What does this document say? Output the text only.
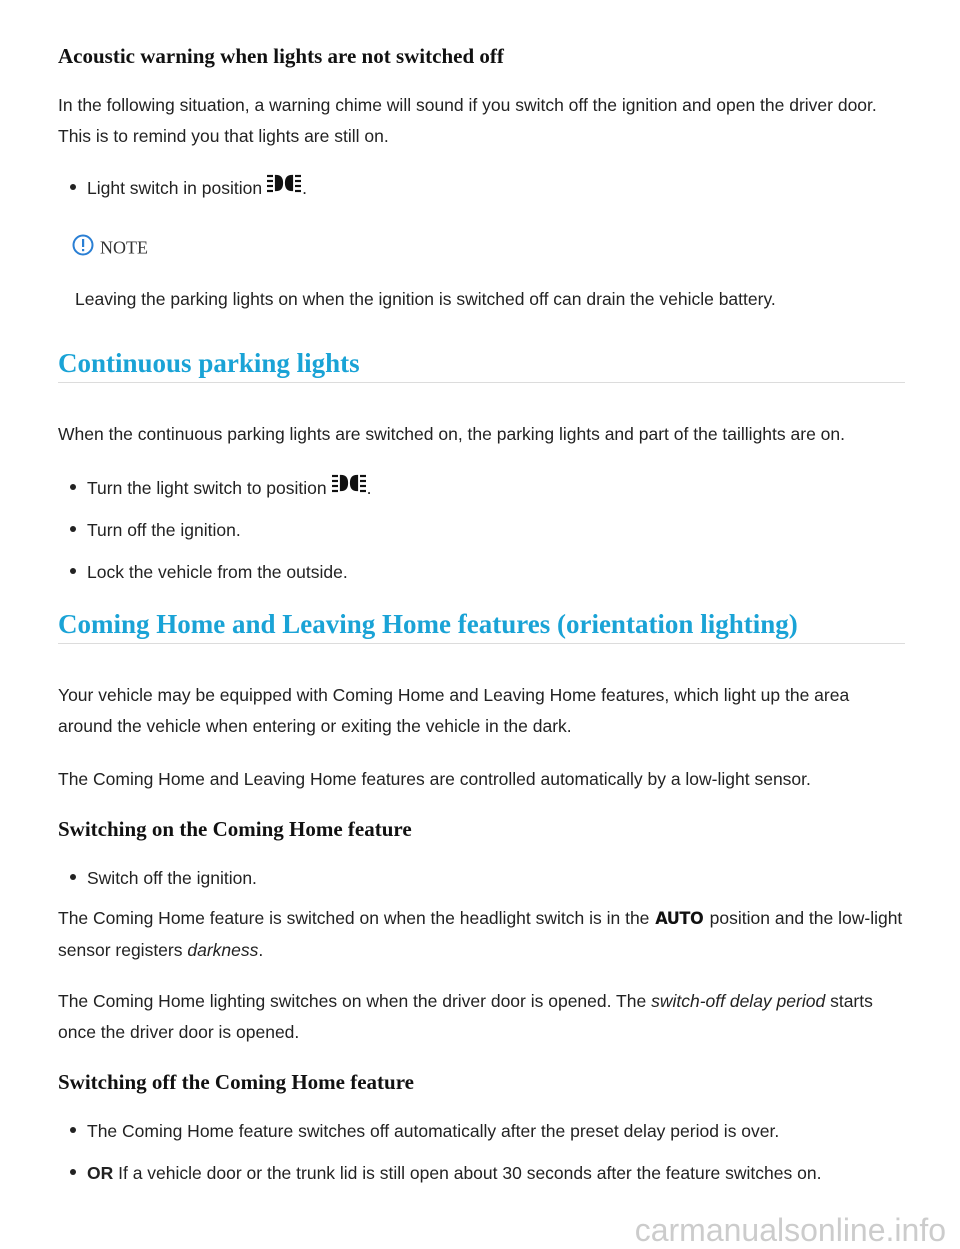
Acoustic warning when lights are not switched off

In the following situation, a warning chime will sound if you switch off the ignition and open the driver door. This is to remind you that lights are still on.

Light switch in position .
NOTE

Leaving the parking lights on when the ignition is switched off can drain the vehicle battery.

Continuous parking lights

When the continuous parking lights are switched on, the parking lights and part of the taillights are on.

Turn the light switch to position .
Turn off the ignition.
Lock the vehicle from the outside.
Coming Home and Leaving Home features (orientation lighting)

Your vehicle may be equipped with Coming Home and Leaving Home features, which light up the area around the vehicle when entering or exiting the vehicle in the dark.

The Coming Home and Leaving Home features are controlled automatically by a low-light sensor.

Switching on the Coming Home feature
Switch off the ignition.

The Coming Home feature is switched on when the headlight switch is in the AUTO position and the low-light sensor registers darkness.

The Coming Home lighting switches on when the driver door is opened. The switch-off delay period starts once the driver door is opened.

Switching off the Coming Home feature
The Coming Home feature switches off automatically after the preset delay period is over.
OR If a vehicle door or the trunk lid is still open about 30 seconds after the feature switches on.
carmanualsonline.info
